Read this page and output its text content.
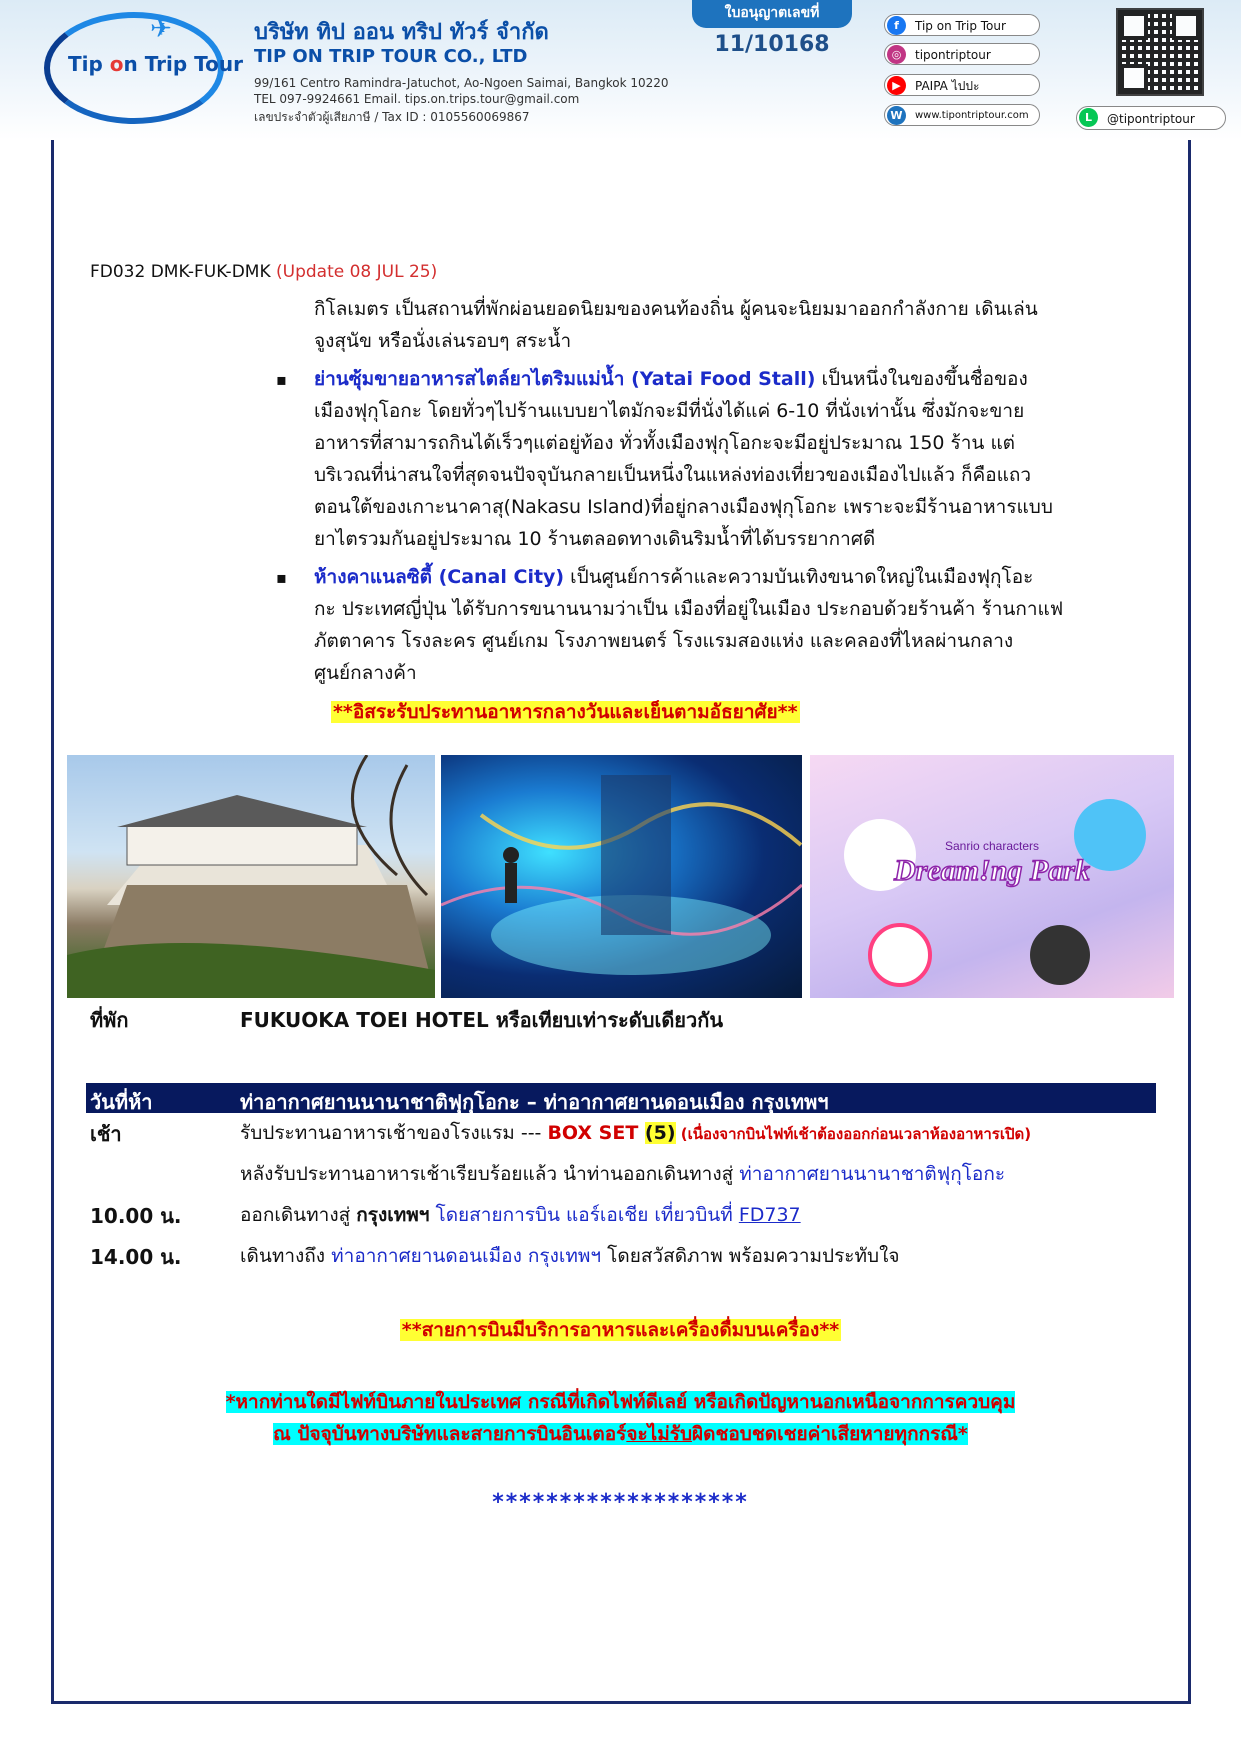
✈
Tip on Trip Tour
บริษัท ทิป ออน ทริป ทัวร์ จำกัด
TIP ON TRIP TOUR CO., LTD
99/161 Centro Ramindra-Jatuchot, Ao-Ngoen Saimai, Bangkok 10220
TEL 097-9924661 Email. tips.on.trips.tour@gmail.com
เลขประจำตัวผู้เสียภาษี / Tax ID : 0105560069867
ใบอนุญาตเลขที่
11/10168
f	Tip on Trip Tour
◎	tipontriptour
▶	PAIPA ไปปะ
W	www.tipontriptour.com	L	@tipontriptour
FD032 DMK-FUK-DMK (Update 08 JUL 25)
กิโลเมตร เป็นสถานที่พักผ่อนยอดนิยมของคนท้องถิ่น ผู้คนจะนิยมมาออกกำลังกาย เดินเล่น
จูงสุนัข หรือนั่งเล่นรอบๆ สระน้ำ
▪ ย่านซุ้มขายอาหารสไตล์ยาไตริมแม่น้ำ (Yatai Food Stall) เป็นหนึ่งในของขึ้นชื่อของ
เมืองฟุกุโอกะ โดยทั่วๆไปร้านแบบยาไตมักจะมีที่นั่งได้แค่ 6-10 ที่นั่งเท่านั้น ซึ่งมักจะขาย
อาหารที่สามารถกินได้เร็วๆแต่อยู่ท้อง ทั่วทั้งเมืองฟุกุโอกะจะมีอยู่ประมาณ 150 ร้าน แต่
บริเวณที่น่าสนใจที่สุดจนปัจจุบันกลายเป็นหนึ่งในแหล่งท่องเที่ยวของเมืองไปแล้ว ก็คือแถว
ตอนใต้ของเกาะนาคาสุ(Nakasu Island)ที่อยู่กลางเมืองฟุกุโอกะ เพราะจะมีร้านอาหารแบบ
ยาไตรวมกันอยู่ประมาณ 10 ร้านตลอดทางเดินริมน้ำที่ได้บรรยากาศดี
▪ ห้างคาแนลซิตี้ (Canal City) เป็นศูนย์การค้าและความบันเทิงขนาดใหญ่ในเมืองฟุกุโอะ
กะ ประเทศญี่ปุ่น ได้รับการขนานนามว่าเป็น เมืองที่อยู่ในเมือง ประกอบด้วยร้านค้า ร้านกาแฟ
ภัตตาคาร โรงละคร ศูนย์เกม โรงภาพยนตร์ โรงแรมสองแห่ง และคลองที่ไหลผ่านกลาง
ศูนย์กลางค้า
**อิสระรับประทานอาหารกลางวันและเย็นตามอัธยาศัย**
Sanrio characters
Dream!ng Park
ที่พัก	FUKUOKA TOEI HOTEL หรือเทียบเท่าระดับเดียวกัน
วันที่ห้า	ท่าอากาศยานนานาชาติฟุกุโอกะ – ท่าอากาศยานดอนเมือง กรุงเทพฯ
เช้า	รับประทานอาหารเช้าของโรงแรม --- BOX SET (5) (เนื่องจากบินไฟท์เช้าต้องออกก่อนเวลาห้องอาหารเปิด)
หลังรับประทานอาหารเช้าเรียบร้อยแล้ว นำท่านออกเดินทางสู่ ท่าอากาศยานนานาชาติฟุกุโอกะ
10.00 น.	ออกเดินทางสู่ กรุงเทพฯ โดยสายการบิน แอร์เอเชีย เที่ยวบินที่ FD737
14.00 น.	เดินทางถึง ท่าอากาศยานดอนเมือง กรุงเทพฯ โดยสวัสดิภาพ พร้อมความประทับใจ
**สายการบินมีบริการอาหารและเครื่องดื่มบนเครื่อง**
*หากท่านใดมีไฟท์บินภายในประเทศ กรณีที่เกิดไฟท์ดีเลย์ หรือเกิดปัญหานอกเหนือจากการควบคุม
ณ ปัจจุบันทางบริษัทและสายการบินอินเตอร์จะไม่รับผิดชอบชดเชยค่าเสียหายทุกกรณี*
*******************
